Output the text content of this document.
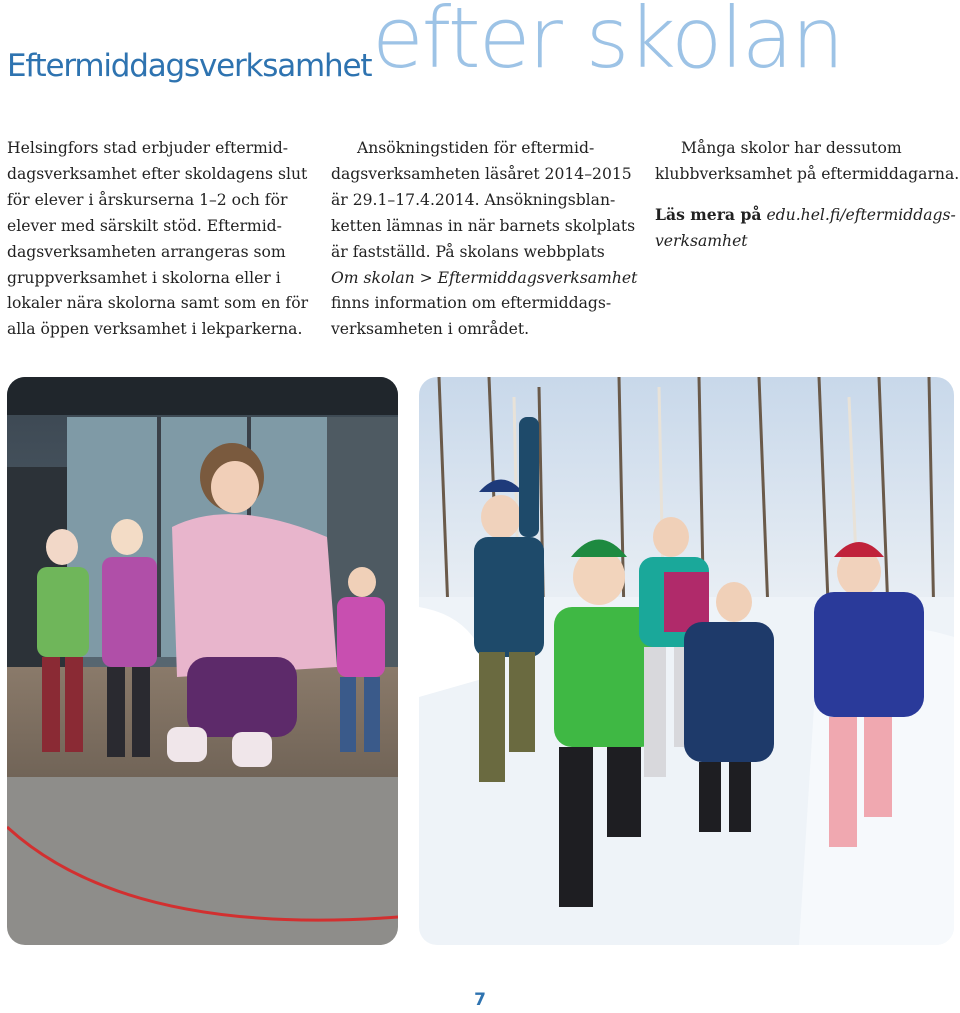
Eftermiddagsverksamhet efter skolan

Helsingfors stad erbjuder eftermid-

dagsverksamhet efter skoldagens slut

för elever i årskurserna 1–2 och för

elever med särskilt stöd. Eftermid-

dagsverksamheten arrangeras som

gruppverksamhet i skolorna eller i

lokaler nära skolorna samt som en för

alla öppen verksamhet i lekparkerna.

Ansökningstiden för eftermid-

dagsverksamheten läsåret 2014–2015

är 29.1–17.4.2014. Ansökningsblan-

ketten lämnas in när barnets skolplats

är fastställd. På skolans webbplats

Om skolan > Eftermiddagsverksamhet

finns information om eftermiddags-

verksamheten i området.

Många skolor har dessutom

klubbverksamhet på eftermiddagarna.

Läs mera på edu.hel.fi/eftermiddags-

verksamhet

7
